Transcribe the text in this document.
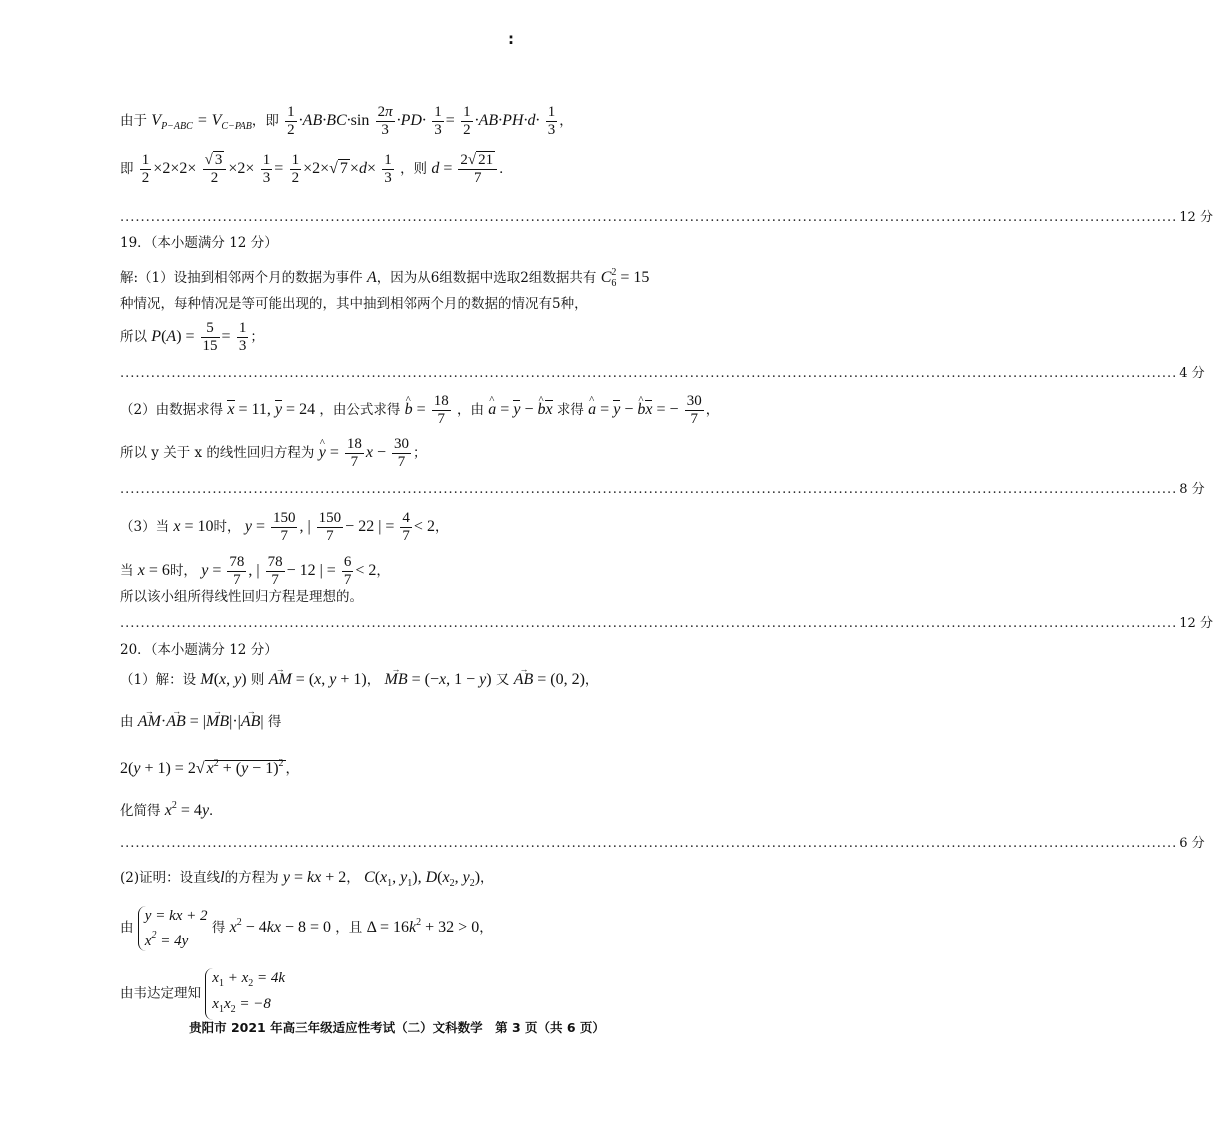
:
由于 $V_{P-ABC} = V_{C-PAB}$，即 $\frac{1}{2} \cdot AB\cdot BC\cdot\sin \frac{2\pi}{3} \cdot PD\cdot \frac{1}{3} = \frac{1}{2} \cdot AB\cdot PH\cdot d\cdot \frac{1}{3}$ ，
即 $\frac{1}{2} \times 2\times 2\times \frac{√ 3}{2} \times 2\times \frac{1}{3} = \frac{1}{2} \times 2\times√$ $7 \times d\times \frac{1}{3}$ ，则 $d = \frac{2√ 21}{7}$ ．
.............................................................................................................................................................................................................. 12 分
19．（本小题满分 12 分）
解:（1）设抽到相邻两个月的数据为事件 A，因为从6组数据中选取2组数据共有 $C_6^2 = 15$
种情况，每种情况是等可能出现的，其中抽到相邻两个月的数据的情况有5种，
所以 $P(A) = \frac{5}{15} = \frac{1}{3}$ ；
.............................................................................................................................................................................................................. 4 分
（2）由数据求得 x = 11, y = 24 ，由公式求得 ^ $b = \frac{18}{7}$ ，由 ^ a = y − ^ bx 求得 ^ a = y − ^ bx = − $\frac{30}{7}$ ，
所以 y 关于 x 的线性回归方程为 ^ $y = \frac{18}{7}$ $x - \frac{30}{7}$ ；
.............................................................................................................................................................................................................. 8 分
（3）当 x = 10时， $y = \frac{150}{7}$ , | $\frac{150}{7} - 22$ | = $\frac{4}{7} < 2$，
当 x = 6时， $y = \frac{78}{7}$ , | $\frac{78}{7} - 12$ | = $\frac{6}{7} < 2$，
所以该小组所得线性回归方程是理想的。
.............................................................................................................................................................................................................. 12 分
20．（本小题满分 12 分）
（1）解：设 M(x, y) 则 → AM = (x, y + 1)， → MB = (−x, 1 − y) 又 → AB = (0, 2)，
由 → AM·→ AB = |→ MB|·|→ AB| 得
2(y + 1) = 2√ $x^2 + (y - 1)^2$ ，
化简得 $x^2 = 4y$．
.............................................................................................................................................................................................................. 6 分
(2)证明：设直线l的方程为 y = kx + 2， $C(x_1$, $y_1$), $D(x_2$, $y_2$)，
由 y = kx + 2
$x^2 = 4y$ 得 $x^2 - 4kx - 8 = 0$ ，且 $\Delta = 16k^2 + 32 > 0$，
由韦达定理知 $x_1 + x_2 = 4k$
$x_1x_2 = -8$
贵阳市 2021 年高三年级适应性考试（二）文科数学　第 3 页（共 6 页）
